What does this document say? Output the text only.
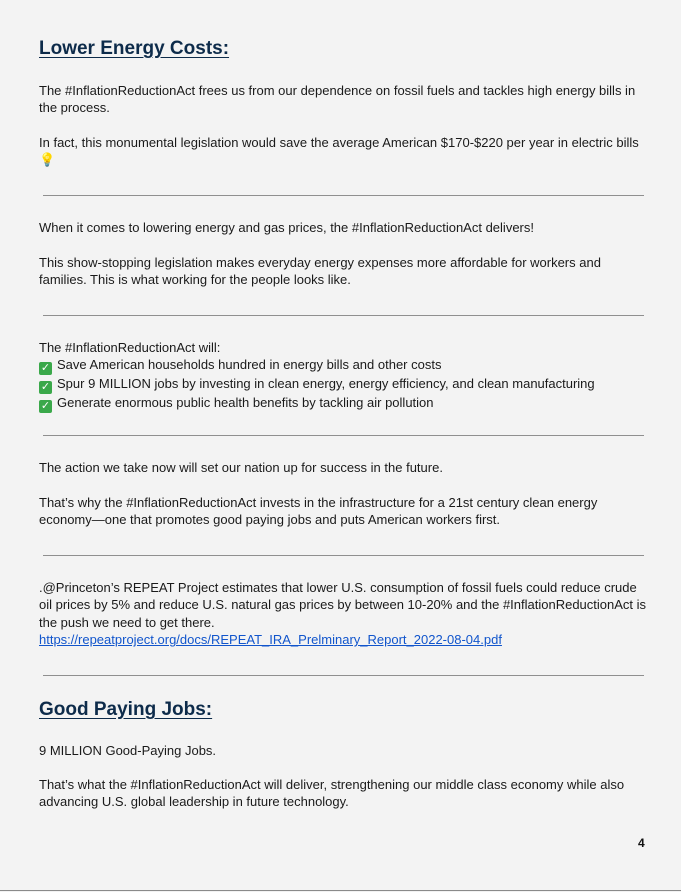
Lower Energy Costs:

The #InflationReductionAct frees us from our dependence on fossil fuels and tackles high energy bills in the process.

In fact, this monumental legislation would save the average American $170-$220 per year in electric bills 💡

When it comes to lowering energy and gas prices, the #InflationReductionAct delivers!

This show-stopping legislation makes everyday energy expenses more affordable for workers and families. This is what working for the people looks like.

The #InflationReductionAct will:
✓ Save American households hundred in energy bills and other costs
✓ Spur 9 MILLION jobs by investing in clean energy, energy efficiency, and clean manufacturing
✓ Generate enormous public health benefits by tackling air pollution

The action we take now will set our nation up for success in the future.

That’s why the #InflationReductionAct invests in the infrastructure for a 21st century clean energy economy—one that promotes good paying jobs and puts American workers first.

.@Princeton’s REPEAT Project estimates that lower U.S. consumption of fossil fuels could reduce crude oil prices by 5% and reduce U.S. natural gas prices by between 10-20% and the #InflationReductionAct is the push we need to get there.
https://repeatproject.org/docs/REPEAT_IRA_Prelminary_Report_2022-08-04.pdf
Good Paying Jobs:

9 MILLION Good-Paying Jobs.

That’s what the #InflationReductionAct will deliver, strengthening our middle class economy while also advancing U.S. global leadership in future technology.

4
